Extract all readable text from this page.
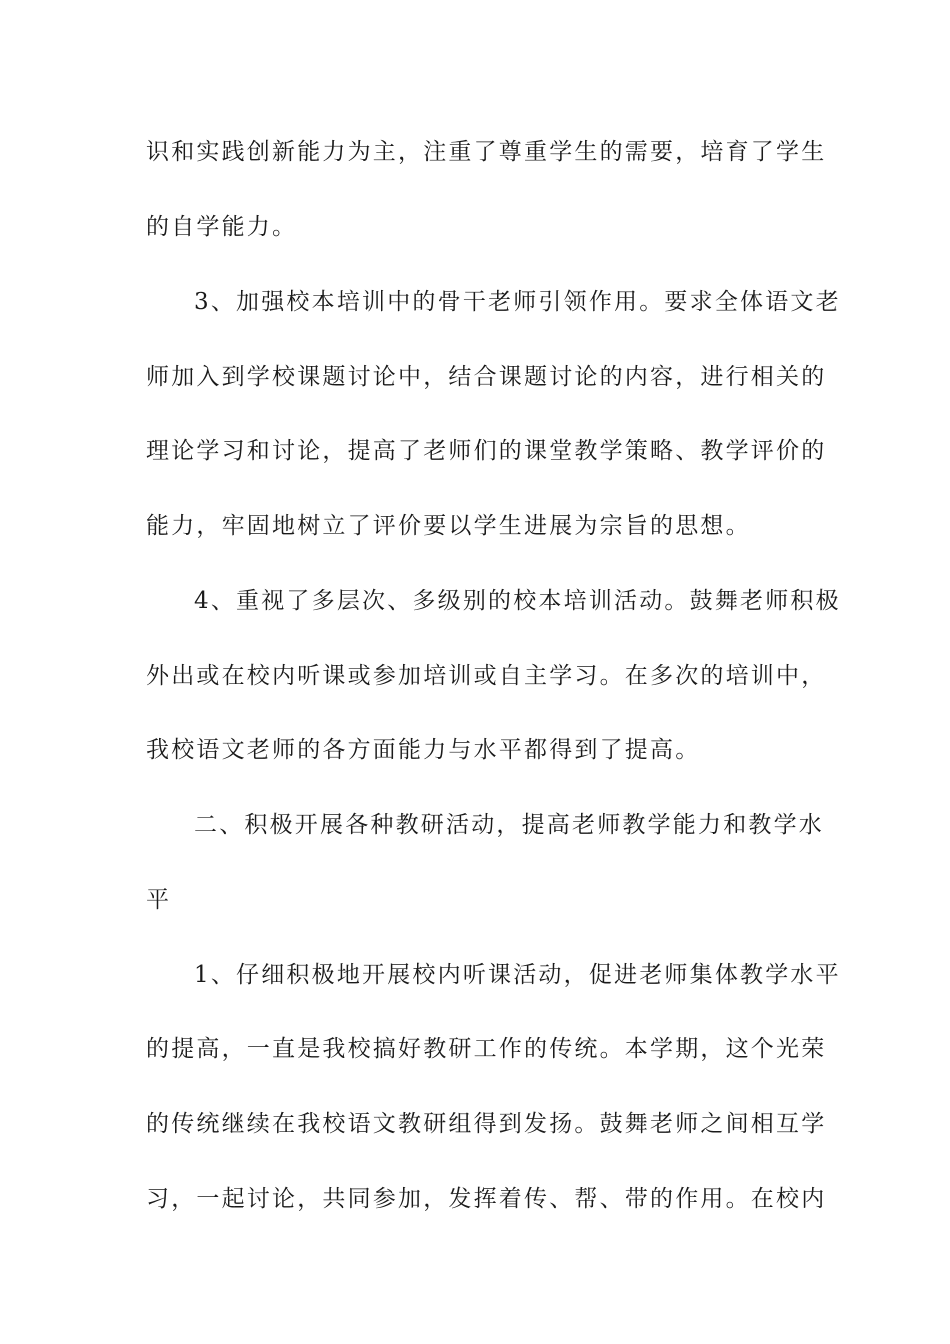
识和实践创新能力为主，注重了尊重学生的需要，培育了学生
的自学能力。
3、加强校本培训中的骨干老师引领作用。要求全体语文老
师加入到学校课题讨论中，结合课题讨论的内容，进行相关的
理论学习和讨论，提高了老师们的课堂教学策略、教学评价的
能力，牢固地树立了评价要以学生进展为宗旨的思想。
4、重视了多层次、多级别的校本培训活动。鼓舞老师积极
外出或在校内听课或参加培训或自主学习。在多次的培训中，
我校语文老师的各方面能力与水平都得到了提高。
二、积极开展各种教研活动，提高老师教学能力和教学水
平
1、仔细积极地开展校内听课活动，促进老师集体教学水平
的提高，一直是我校搞好教研工作的传统。本学期，这个光荣
的传统继续在我校语文教研组得到发扬。鼓舞老师之间相互学
习，一起讨论，共同参加，发挥着传、帮、带的作用。在校内
